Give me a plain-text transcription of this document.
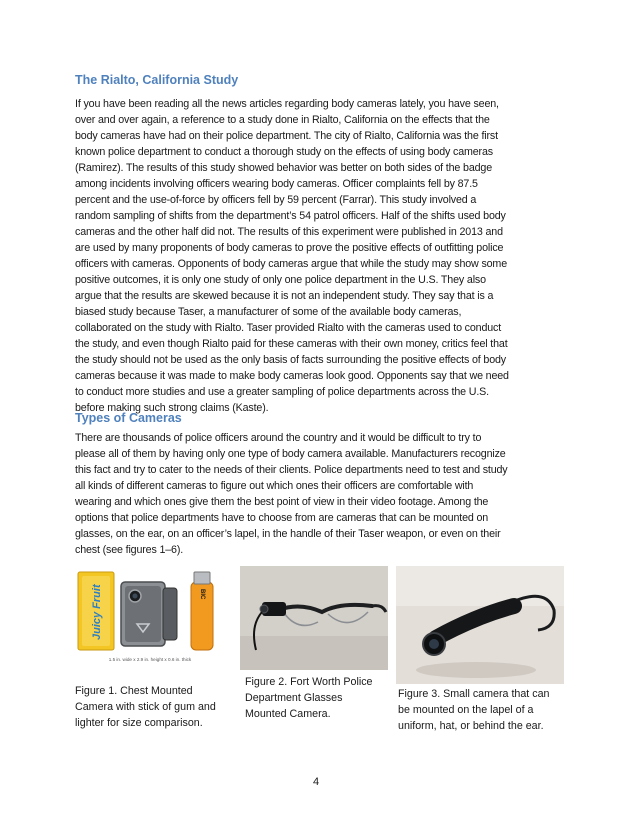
The Rialto, California Study
If you have been reading all the news articles regarding body cameras lately, you have seen,
over and over again, a reference to a study done in Rialto, California on the effects that the
body cameras have had on their police department. The city of Rialto, California was the first
known police department to conduct a thorough study on the effects of using body cameras
(Ramirez). The results of this study showed behavior was better on both sides of the badge
among incidents involving officers wearing body cameras. Officer complaints fell by 87.5
percent and the use-of-force by officers fell by 59 percent (Farrar). This study involved a
random sampling of shifts from the department’s 54 patrol officers. Half of the shifts used body
cameras and the other half did not. The results of this experiment were published in 2013 and
are used by many proponents of body cameras to prove the positive effects of outfitting police
officers with cameras. Opponents of body cameras argue that while the study may show some
positive outcomes, it is only one study of only one police department in the U.S. They also
argue that the results are skewed because it is not an independent study. They say that is a
biased study because Taser, a manufacturer of some of the available body cameras,
collaborated on the study with Rialto. Taser provided Rialto with the cameras used to conduct
the study, and even though Rialto paid for these cameras with their own money, critics feel that
the study should not be used as the only basis of facts surrounding the positive effects of body
cameras because it was made to make body cameras look good. Opponents say that we need
to conduct more studies and use a greater sampling of police departments across the U.S.
before making such strong claims (Kaste).
Types of Cameras
There are thousands of police officers around the country and it would be difficult to try to
please all of them by having only one type of body camera available. Manufacturers recognize
this fact and try to cater to the needs of their clients. Police departments need to test and study
all kinds of different cameras to figure out which ones their officers are comfortable with
wearing and which ones give them the best point of view in their video footage. Among the
options that police departments have to choose from are cameras that can be mounted on
glasses, on the ear, on an officer’s lapel, in the handle of their Taser weapon, or even on their
chest (see figures 1–6).
Juicy Fruit	BIC
1.5 in. wide x 2.9 in. height x 0.6 in. thick
Figure 1. Chest Mounted
Camera with stick of gum and
lighter for size comparison.
Figure 2. Fort Worth Police
Department Glasses
Mounted Camera.
Figure 3. Small camera that can
be mounted on the lapel of a
uniform, hat, or behind the ear.
4
